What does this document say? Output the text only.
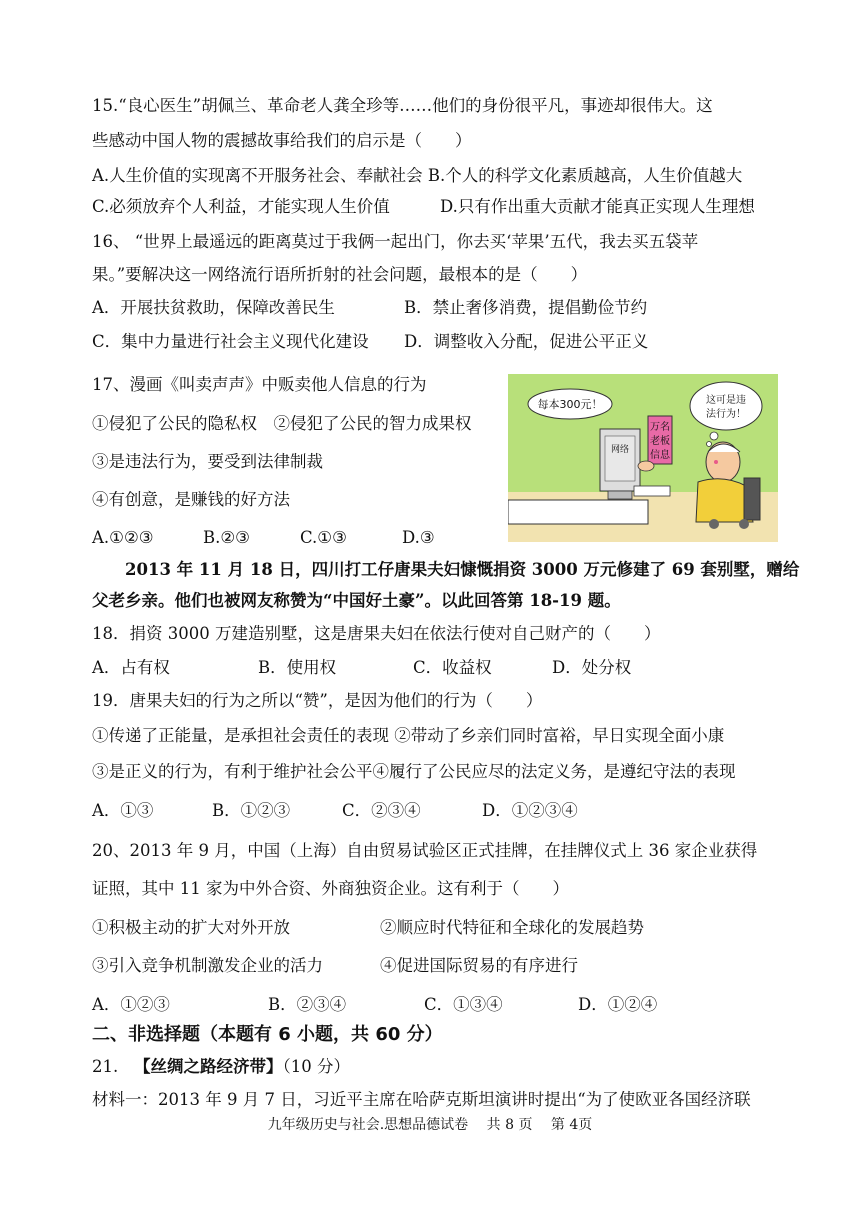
15.“良心医生”胡佩兰、革命老人龚全珍等……他们的身份很平凡，事迹却很伟大。这
些感动中国人物的震撼故事给我们的启示是（　　）
A.人生价值的实现离不开服务社会、奉献社会 B.个人的科学文化素质越高，人生价值越大
C.必须放弃个人利益，才能实现人生价值	D.只有作出重大贡献才能真正实现人生理想
16、 “世界上最遥远的距离莫过于我俩一起出门，你去买‘苹果’五代，我去买五袋苹
果。”要解决这一网络流行语所折射的社会问题，最根本的是（　　）
A．开展扶贫救助，保障改善民生	B．禁止奢侈消费，提倡勤俭节约
C．集中力量进行社会主义现代化建设 D．调整收入分配，促进公平正义
17、漫画《叫卖声声》中贩卖他人信息的行为
①侵犯了公民的隐私权　②侵犯了公民的智力成果权
③是违法行为，要受到法律制裁
④有创意，是赚钱的好方法
A.①②③	B.②③	C.①③	D.③
每本300元！	这可是违
法行为！
网络
万名
老板
信息
2013 年 11 月 18 日，四川打工仔唐果夫妇慷慨捐资 3000 万元修建了 69 套别墅，赠给
父老乡亲。他们也被网友称赞为“中国好土豪”。以此回答第 18-19 题。
18．捐资 3000 万建造别墅，这是唐果夫妇在依法行使对自己财产的（　　）
A．占有权	B．使用权	C．收益权	D．处分权
19．唐果夫妇的行为之所以“赞”，是因为他们的行为（　　）
①传递了正能量，是承担社会责任的表现 ②带动了乡亲们同时富裕，早日实现全面小康
③是正义的行为，有利于维护社会公平④履行了公民应尽的法定义务，是遵纪守法的表现
A．①③	B．①②③	C．②③④	D．①②③④
20、2013 年 9 月，中国（上海）自由贸易试验区正式挂牌，在挂牌仪式上 36 家企业获得
证照，其中 11 家为中外合资、外商独资企业。这有利于（　　）
①积极主动的扩大对外开放	②顺应时代特征和全球化的发展趋势
③引入竞争机制激发企业的活力	④促进国际贸易的有序进行
A．①②③	B．②③④	C．①③④	D．①②④
二、非选择题（本题有 6 小题，共 60 分）
21. 【丝绸之路经济带】（10 分）
材料一：2013 年 9 月 7 日，习近平主席在哈萨克斯坦演讲时提出“为了使欧亚各国经济联
九年级历史与社会.思想品德试卷　 共 8 页　 第 4页
